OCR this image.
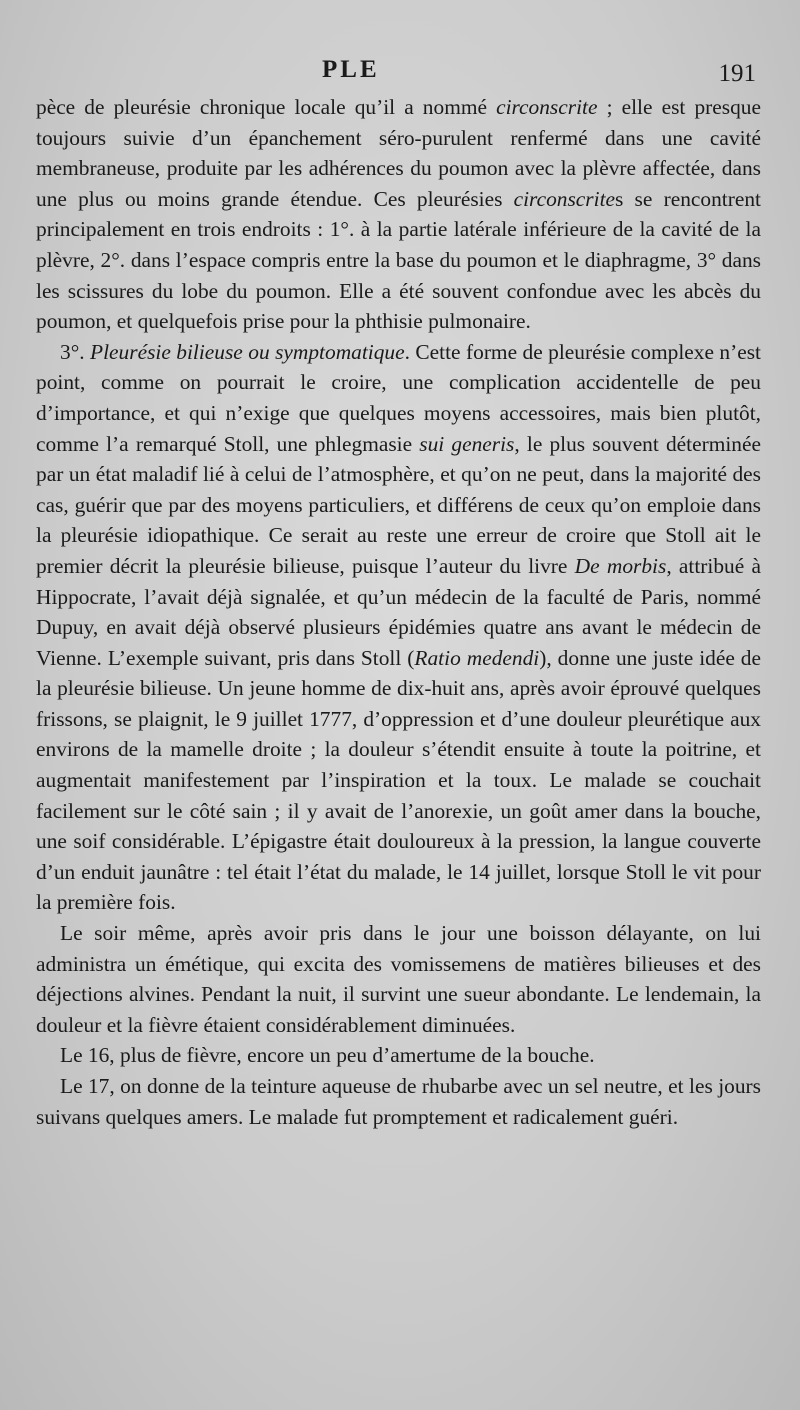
PLE	191

pèce de pleurésie chronique locale qu’il a nommé circonscrite ; elle est presque toujours suivie d’un épanchement séro-purulent renfermé dans une cavité membraneuse, produite par les adhérences du poumon avec la plèvre affectée, dans une plus ou moins grande étendue. Ces pleurésies circonscrites se rencontrent principalement en trois endroits : 1°. à la partie latérale inférieure de la cavité de la plèvre, 2°. dans l’espace compris entre la base du poumon et le diaphragme, 3° dans les scissures du lobe du poumon. Elle a été souvent confondue avec les abcès du poumon, et quelquefois prise pour la phthisie pulmonaire.

3°. Pleurésie bilieuse ou symptomatique. Cette forme de pleurésie complexe n’est point, comme on pourrait le croire, une complication accidentelle de peu d’importance, et qui n’exige que quelques moyens accessoires, mais bien plutôt, comme l’a remarqué Stoll, une phlegmasie sui generis, le plus souvent déterminée par un état maladif lié à celui de l’atmosphère, et qu’on ne peut, dans la majorité des cas, guérir que par des moyens particuliers, et différens de ceux qu’on emploie dans la pleurésie idiopathique. Ce serait au reste une erreur de croire que Stoll ait le premier décrit la pleurésie bilieuse, puisque l’auteur du livre De morbis, attribué à Hippocrate, l’avait déjà signalée, et qu’un médecin de la faculté de Paris, nommé Dupuy, en avait déjà observé plusieurs épidémies quatre ans avant le médecin de Vienne. L’exemple suivant, pris dans Stoll (Ratio medendi), donne une juste idée de la pleurésie bilieuse. Un jeune homme de dix-huit ans, après avoir éprouvé quelques frissons, se plaignit, le 9 juillet 1777, d’oppression et d’une douleur pleurétique aux environs de la mamelle droite ; la douleur s’étendit ensuite à toute la poitrine, et augmentait manifestement par l’inspiration et la toux. Le malade se couchait facilement sur le côté sain ; il y avait de l’anorexie, un goût amer dans la bouche, une soif considérable. L’épigastre était douloureux à la pression, la langue couverte d’un enduit jaunâtre : tel était l’état du malade, le 14 juillet, lorsque Stoll le vit pour la première fois.

Le soir même, après avoir pris dans le jour une boisson délayante, on lui administra un émétique, qui excita des vomissemens de matières bilieuses et des déjections alvines. Pendant la nuit, il survint une sueur abondante. Le lendemain, la douleur et la fièvre étaient considérablement diminuées.

Le 16, plus de fièvre, encore un peu d’amertume de la bouche.

Le 17, on donne de la teinture aqueuse de rhubarbe avec un sel neutre, et les jours suivans quelques amers. Le malade fut promptement et radicalement guéri.
